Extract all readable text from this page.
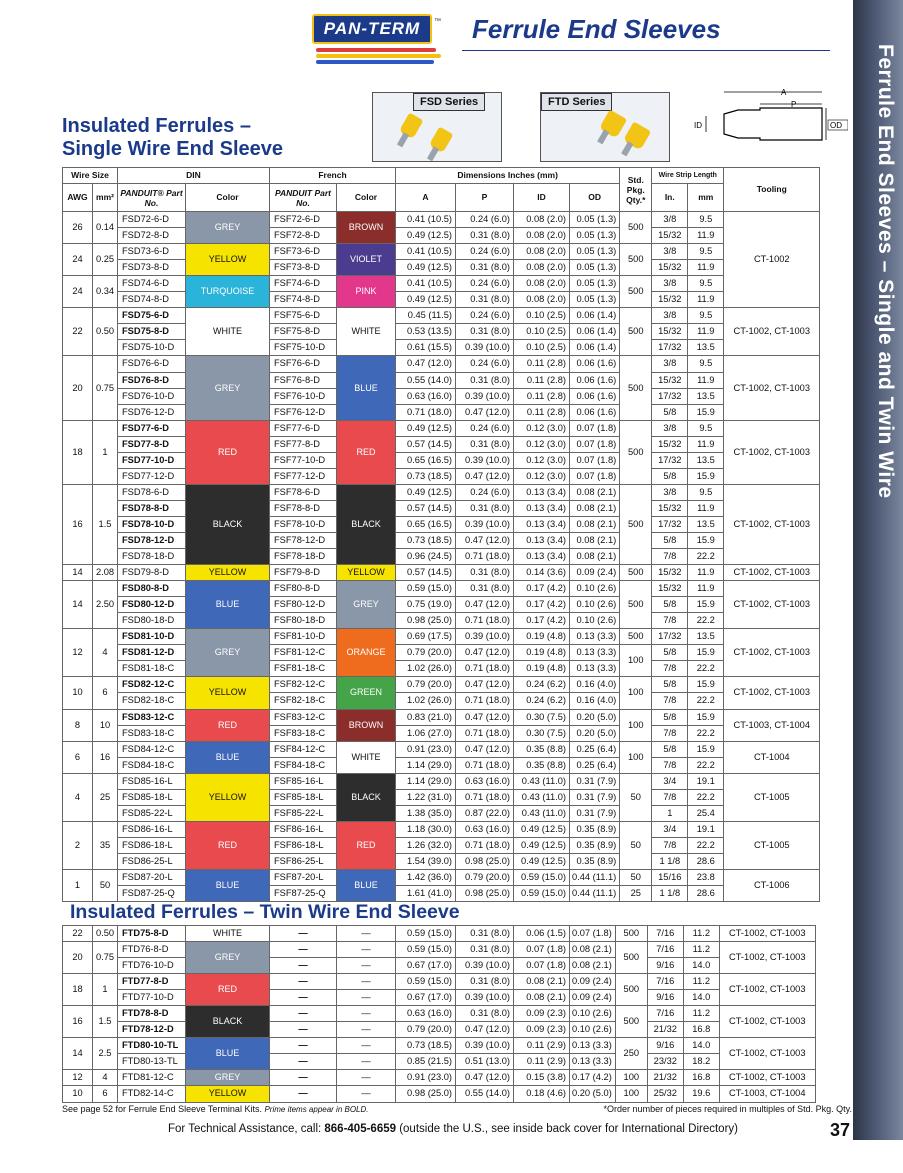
Ferrule End Sleeves – Single and Twin Wire
PAN-TERM	™ Ferrule End Sleeves
Insulated Ferrules –
Single Wire End Sleeve
FSD Series	FTD Series
A
P
ID	OD
Wire Size		DIN		French		Dimensions Inches (mm)				Std. Pkg. Qty.*	Wire Strip Length		Tooling
AWG	mm²	PANDUIT® Part No.	Color	PANDUIT Part No.	Color	A	P	ID	OD		In.	mm	
26	0.14	FSD72-6-D	GREY	FSF72-6-D	BROWN	0.41 (10.5)	0.24 (6.0)	0.08 (2.0)	0.05 (1.3)	500	3/8	9.5	CT-1002
		FSD72-8-D		FSF72-8-D		0.49 (12.5)	0.31 (8.0)	0.08 (2.0)	0.05 (1.3)		15/32	11.9	
24	0.25	FSD73-6-D	YELLOW	FSF73-6-D	VIOLET	0.41 (10.5)	0.24 (6.0)	0.08 (2.0)	0.05 (1.3)	500	3/8	9.5	
		FSD73-8-D		FSF73-8-D		0.49 (12.5)	0.31 (8.0)	0.08 (2.0)	0.05 (1.3)		15/32	11.9	
24	0.34	FSD74-6-D	TURQUOISE	FSF74-6-D	PINK	0.41 (10.5)	0.24 (6.0)	0.08 (2.0)	0.05 (1.3)	500	3/8	9.5	
		FSD74-8-D		FSF74-8-D		0.49 (12.5)	0.31 (8.0)	0.08 (2.0)	0.05 (1.3)		15/32	11.9	
22	0.50	FSD75-6-D	WHITE	FSF75-6-D	WHITE	0.45 (11.5)	0.24 (6.0)	0.10 (2.5)	0.06 (1.4)	500	3/8	9.5	CT-1002, CT-1003
		FSD75-8-D		FSF75-8-D		0.53 (13.5)	0.31 (8.0)	0.10 (2.5)	0.06 (1.4)		15/32	11.9	
		FSD75-10-D		FSF75-10-D		0.61 (15.5)	0.39 (10.0)	0.10 (2.5)	0.06 (1.4)		17/32	13.5	
20	0.75	FSD76-6-D	GREY	FSF76-6-D	BLUE	0.47 (12.0)	0.24 (6.0)	0.11 (2.8)	0.06 (1.6)	500	3/8	9.5	CT-1002, CT-1003
		FSD76-8-D		FSF76-8-D		0.55 (14.0)	0.31 (8.0)	0.11 (2.8)	0.06 (1.6)		15/32	11.9	
		FSD76-10-D		FSF76-10-D		0.63 (16.0)	0.39 (10.0)	0.11 (2.8)	0.06 (1.6)		17/32	13.5	
		FSD76-12-D		FSF76-12-D		0.71 (18.0)	0.47 (12.0)	0.11 (2.8)	0.06 (1.6)		5/8	15.9	
18	1	FSD77-6-D	RED	FSF77-6-D	RED	0.49 (12.5)	0.24 (6.0)	0.12 (3.0)	0.07 (1.8)	500	3/8	9.5	CT-1002, CT-1003
		FSD77-8-D		FSF77-8-D		0.57 (14.5)	0.31 (8.0)	0.12 (3.0)	0.07 (1.8)		15/32	11.9	
		FSD77-10-D		FSF77-10-D		0.65 (16.5)	0.39 (10.0)	0.12 (3.0)	0.07 (1.8)		17/32	13.5	
		FSD77-12-D		FSF77-12-D		0.73 (18.5)	0.47 (12.0)	0.12 (3.0)	0.07 (1.8)		5/8	15.9	
16	1.5	FSD78-6-D	BLACK	FSF78-6-D	BLACK	0.49 (12.5)	0.24 (6.0)	0.13 (3.4)	0.08 (2.1)	500	3/8	9.5	CT-1002, CT-1003
		FSD78-8-D		FSF78-8-D		0.57 (14.5)	0.31 (8.0)	0.13 (3.4)	0.08 (2.1)		15/32	11.9	
		FSD78-10-D		FSF78-10-D		0.65 (16.5)	0.39 (10.0)	0.13 (3.4)	0.08 (2.1)		17/32	13.5	
		FSD78-12-D		FSF78-12-D		0.73 (18.5)	0.47 (12.0)	0.13 (3.4)	0.08 (2.1)		5/8	15.9	
		FSD78-18-D		FSF78-18-D		0.96 (24.5)	0.71 (18.0)	0.13 (3.4)	0.08 (2.1)		7/8	22.2	
14	2.08	FSD79-8-D	YELLOW	FSF79-8-D	YELLOW	0.57 (14.5)	0.31 (8.0)	0.14 (3.6)	0.09 (2.4)	500	15/32	11.9	CT-1002, CT-1003
14	2.50	FSD80-8-D	BLUE	FSF80-8-D	GREY	0.59 (15.0)	0.31 (8.0)	0.17 (4.2)	0.10 (2.6)	500	15/32	11.9	CT-1002, CT-1003
		FSD80-12-D		FSF80-12-D		0.75 (19.0)	0.47 (12.0)	0.17 (4.2)	0.10 (2.6)		5/8	15.9	
		FSD80-18-D		FSF80-18-D		0.98 (25.0)	0.71 (18.0)	0.17 (4.2)	0.10 (2.6)		7/8	22.2	
12	4	FSD81-10-D	GREY	FSF81-10-D	ORANGE	0.69 (17.5)	0.39 (10.0)	0.19 (4.8)	0.13 (3.3)	500	17/32	13.5	CT-1002, CT-1003
		FSD81-12-D		FSF81-12-C		0.79 (20.0)	0.47 (12.0)	0.19 (4.8)	0.13 (3.3)	100	5/8	15.9	
		FSD81-18-C		FSF81-18-C		1.02 (26.0)	0.71 (18.0)	0.19 (4.8)	0.13 (3.3)		7/8	22.2	
10	6	FSD82-12-C	YELLOW	FSF82-12-C	GREEN	0.79 (20.0)	0.47 (12.0)	0.24 (6.2)	0.16 (4.0)	100	5/8	15.9	CT-1002, CT-1003
		FSD82-18-C		FSF82-18-C		1.02 (26.0)	0.71 (18.0)	0.24 (6.2)	0.16 (4.0)		7/8	22.2	
8	10	FSD83-12-C	RED	FSF83-12-C	BROWN	0.83 (21.0)	0.47 (12.0)	0.30 (7.5)	0.20 (5.0)	100	5/8	15.9	CT-1003, CT-1004
		FSD83-18-C		FSF83-18-C		1.06 (27.0)	0.71 (18.0)	0.30 (7.5)	0.20 (5.0)		7/8	22.2	
6	16	FSD84-12-C	BLUE	FSF84-12-C	WHITE	0.91 (23.0)	0.47 (12.0)	0.35 (8.8)	0.25 (6.4)	100	5/8	15.9	CT-1004
		FSD84-18-C		FSF84-18-C		1.14 (29.0)	0.71 (18.0)	0.35 (8.8)	0.25 (6.4)		7/8	22.2	
4	25	FSD85-16-L	YELLOW	FSF85-16-L	BLACK	1.14 (29.0)	0.63 (16.0)	0.43 (11.0)	0.31 (7.9)	50	3/4	19.1	CT-1005
		FSD85-18-L		FSF85-18-L		1.22 (31.0)	0.71 (18.0)	0.43 (11.0)	0.31 (7.9)		7/8	22.2	
		FSD85-22-L		FSF85-22-L		1.38 (35.0)	0.87 (22.0)	0.43 (11.0)	0.31 (7.9)		1	25.4	
2	35	FSD86-16-L	RED	FSF86-16-L	RED	1.18 (30.0)	0.63 (16.0)	0.49 (12.5)	0.35 (8.9)	50	3/4	19.1	CT-1005
		FSD86-18-L		FSF86-18-L		1.26 (32.0)	0.71 (18.0)	0.49 (12.5)	0.35 (8.9)		7/8	22.2	
		FSD86-25-L		FSF86-25-L		1.54 (39.0)	0.98 (25.0)	0.49 (12.5)	0.35 (8.9)		1 1/8	28.6	
1	50	FSD87-20-L	BLUE	FSF87-20-L	BLUE	1.42 (36.0)	0.79 (20.0)	0.59 (15.0)	0.44 (11.1)	50	15/16	23.8	CT-1006
		FSD87-25-Q		FSF87-25-Q		1.61 (41.0)	0.98 (25.0)	0.59 (15.0)	0.44 (11.1)	25	1 1/8	28.6	
Insulated Ferrules – Twin Wire End Sleeve
22	0.50	FTD75-8-D	WHITE	—	—	0.59 (15.0)	0.31 (8.0)	0.06 (1.5)	0.07 (1.8)	500	7/16	11.2	CT-1002, CT-1003
20	0.75	FTD76-8-D	GREY	—	—	0.59 (15.0)	0.31 (8.0)	0.07 (1.8)	0.08 (2.1)	500	7/16	11.2	CT-1002, CT-1003
		FTD76-10-D		—	—	0.67 (17.0)	0.39 (10.0)	0.07 (1.8)	0.08 (2.1)		9/16	14.0	
18	1	FTD77-8-D	RED	—	—	0.59 (15.0)	0.31 (8.0)	0.08 (2.1)	0.09 (2.4)	500	7/16	11.2	CT-1002, CT-1003
		FTD77-10-D		—	—	0.67 (17.0)	0.39 (10.0)	0.08 (2.1)	0.09 (2.4)		9/16	14.0	
16	1.5	FTD78-8-D	BLACK	—	—	0.63 (16.0)	0.31 (8.0)	0.09 (2.3)	0.10 (2.6)	500	7/16	11.2	CT-1002, CT-1003
		FTD78-12-D		—	—	0.79 (20.0)	0.47 (12.0)	0.09 (2.3)	0.10 (2.6)		21/32	16.8	
14	2.5	FTD80-10-TL	BLUE	—	—	0.73 (18.5)	0.39 (10.0)	0.11 (2.9)	0.13 (3.3)	250	9/16	14.0	CT-1002, CT-1003
		FTD80-13-TL		—	—	0.85 (21.5)	0.51 (13.0)	0.11 (2.9)	0.13 (3.3)		23/32	18.2	
12	4	FTD81-12-C	GREY	—	—	0.91 (23.0)	0.47 (12.0)	0.15 (3.8)	0.17 (4.2)	100	21/32	16.8	CT-1002, CT-1003
10	6	FTD82-14-C	YELLOW	—	—	0.98 (25.0)	0.55 (14.0)	0.18 (4.6)	0.20 (5.0)	100	25/32	19.6	CT-1003, CT-1004
See page 52 for Ferrule End Sleeve Terminal Kits. Prime items appear in BOLD.	*Order number of pieces required in multiples of Std. Pkg. Qty.
For Technical Assistance, call: 866-405-6659 (outside the U.S., see inside back cover for International Directory)	37
